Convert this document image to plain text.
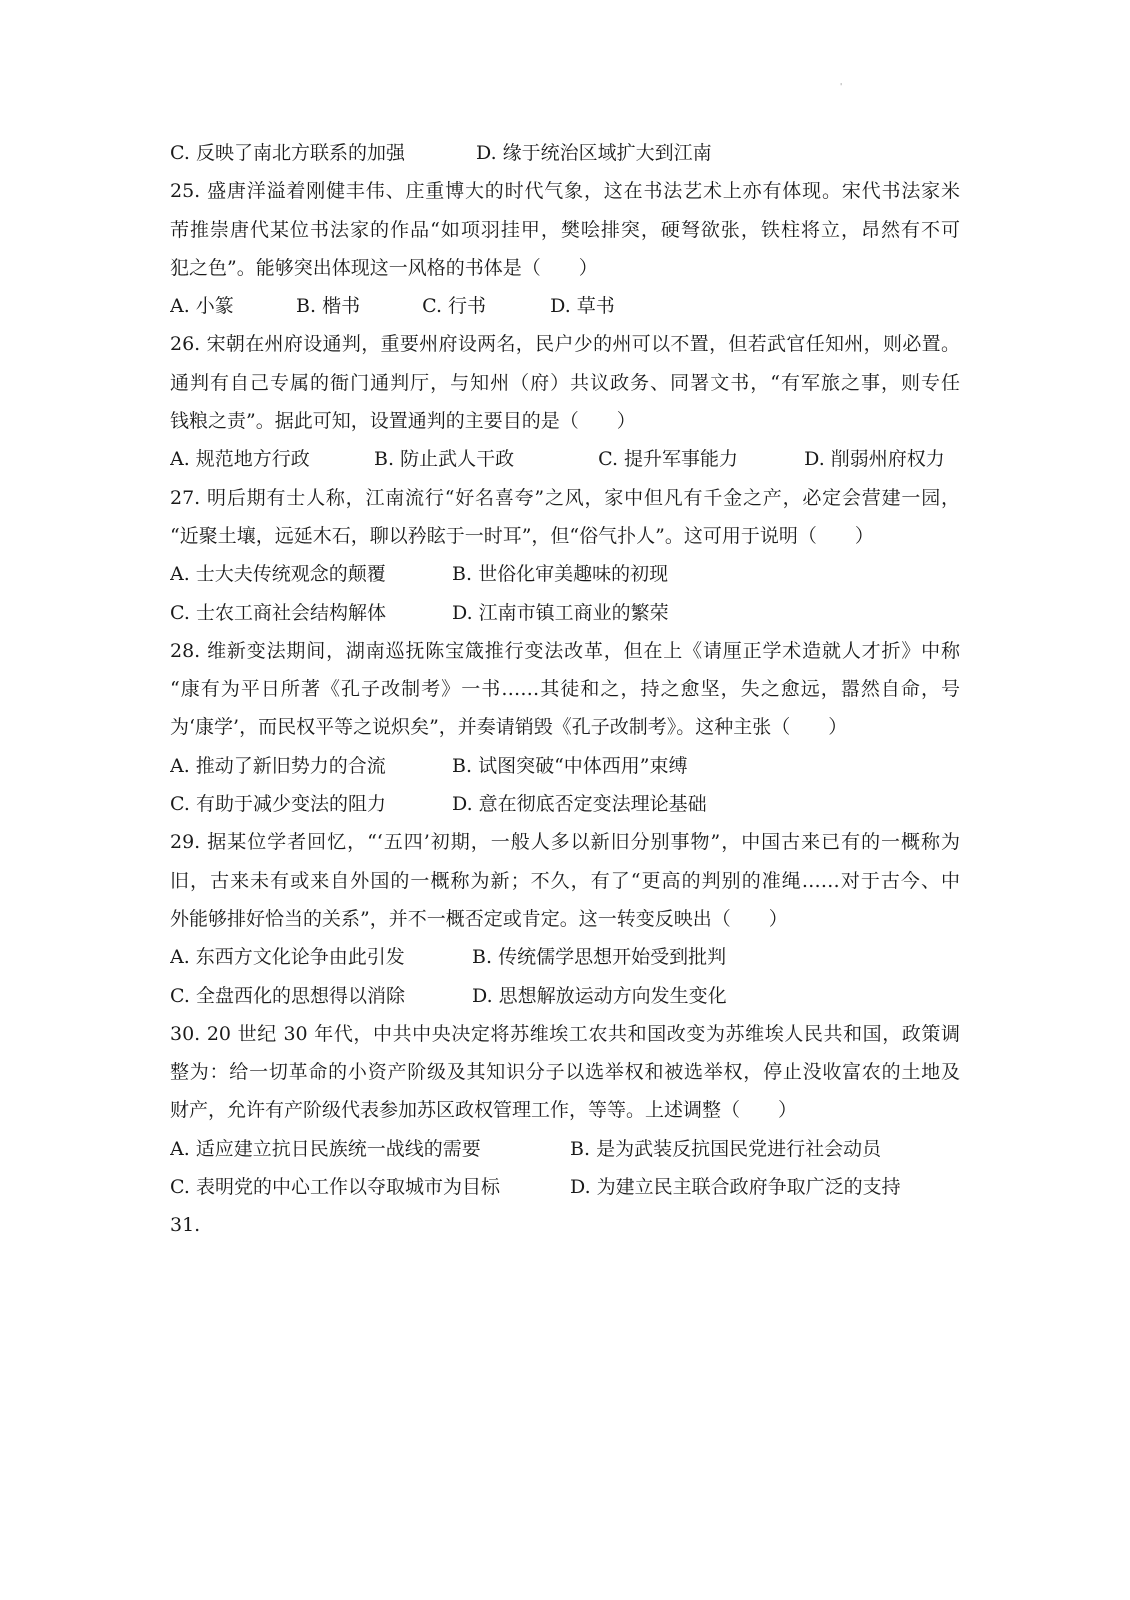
'
C. 反映了南北方联系的加强	D. 缘于统治区域扩大到江南
25. 盛唐洋溢着刚健丰伟、庄重博大的时代气象，这在书法艺术上亦有体现。宋代书法家米
芾推崇唐代某位书法家的作品“如项羽挂甲，樊哙排突，硬弩欲张，铁柱将立，昂然有不可
犯之色”。能够突出体现这一风格的书体是（　　）
A. 小篆	B. 楷书	C. 行书	D. 草书
26. 宋朝在州府设通判，重要州府设两名，民户少的州可以不置，但若武官任知州，则必置。
通判有自己专属的衙门通判厅，与知州（府）共议政务、同署文书，“有军旅之事，则专任
钱粮之责”。据此可知，设置通判的主要目的是（　　）
A. 规范地方行政	B. 防止武人干政	C. 提升军事能力	D. 削弱州府权力
27. 明后期有士人称，江南流行“好名喜夸”之风，家中但凡有千金之产，必定会营建一园，
“近聚土壤，远延木石，聊以矜眩于一时耳”，但“俗气扑人”。这可用于说明（　　）
A. 士大夫传统观念的颠覆	B. 世俗化审美趣味的初现
C. 士农工商社会结构解体	D. 江南市镇工商业的繁荣
28. 维新变法期间，湖南巡抚陈宝箴推行变法改革，但在上《请厘正学术造就人才折》中称
“康有为平日所著《孔子改制考》一书……其徒和之，持之愈坚，失之愈远，嚣然自命，号
为‘康学’，而民权平等之说炽矣”，并奏请销毁《孔子改制考》。这种主张（　　）
A. 推动了新旧势力的合流	B. 试图突破“中体西用”束缚
C. 有助于减少变法的阻力	D. 意在彻底否定变法理论基础
29. 据某位学者回忆，“‘五四’初期，一般人多以新旧分别事物”，中国古来已有的一概称为
旧，古来未有或来自外国的一概称为新；不久，有了“更高的判别的准绳……对于古今、中
外能够排好恰当的关系”，并不一概否定或肯定。这一转变反映出（　　）
A. 东西方文化论争由此引发	B. 传统儒学思想开始受到批判
C. 全盘西化的思想得以消除	D. 思想解放运动方向发生变化
30. 20 世纪 30 年代，中共中央决定将苏维埃工农共和国改变为苏维埃人民共和国，政策调
整为：给一切革命的小资产阶级及其知识分子以选举权和被选举权，停止没收富农的土地及
财产，允许有产阶级代表参加苏区政权管理工作，等等。上述调整（　　）
A. 适应建立抗日民族统一战线的需要	B. 是为武装反抗国民党进行社会动员
C. 表明党的中心工作以夺取城市为目标	D. 为建立民主联合政府争取广泛的支持
31.
